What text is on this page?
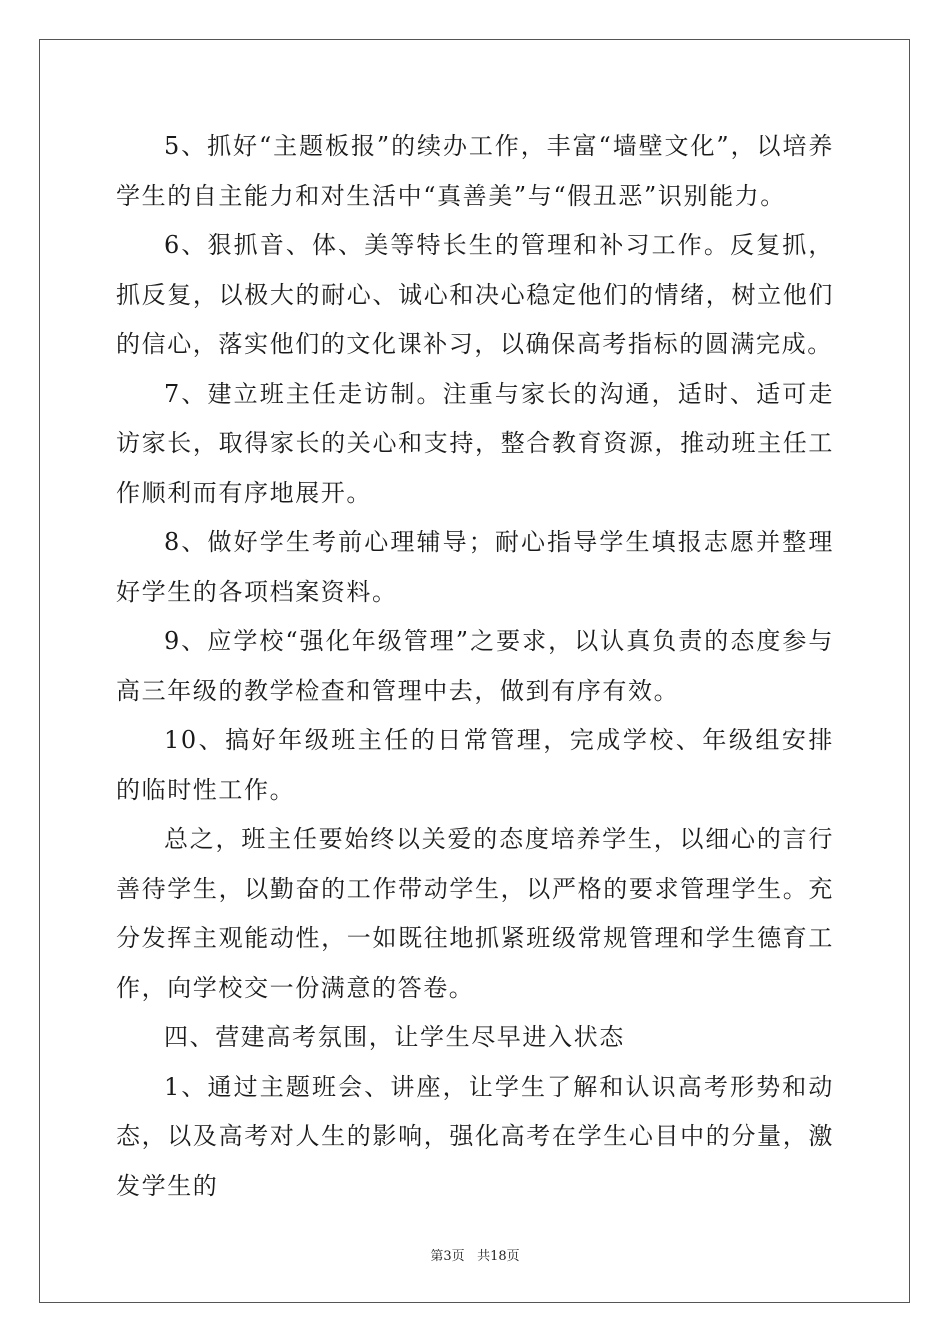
5、抓好“主题板报”的续办工作，丰富“墙壁文化”，以培养学生的自主能力和对生活中“真善美”与“假丑恶”识别能力。

6、狠抓音、体、美等特长生的管理和补习工作。反复抓，抓反复，以极大的耐心、诚心和决心稳定他们的情绪，树立他们的信心，落实他们的文化课补习，以确保高考指标的圆满完成。

7、建立班主任走访制。注重与家长的沟通，适时、适可走访家长，取得家长的关心和支持，整合教育资源，推动班主任工作顺利而有序地展开。

8、做好学生考前心理辅导；耐心指导学生填报志愿并整理好学生的各项档案资料。

9、应学校“强化年级管理”之要求，以认真负责的态度参与高三年级的教学检查和管理中去，做到有序有效。

10、搞好年级班主任的日常管理，完成学校、年级组安排的临时性工作。

总之，班主任要始终以关爱的态度培养学生，以细心的言行善待学生，以勤奋的工作带动学生，以严格的要求管理学生。充分发挥主观能动性，一如既往地抓紧班级常规管理和学生德育工作，向学校交一份满意的答卷。

四、营建高考氛围，让学生尽早进入状态

1、通过主题班会、讲座，让学生了解和认识高考形势和动态，以及高考对人生的影响，强化高考在学生心目中的分量，激发学生的

第3页 共18页
